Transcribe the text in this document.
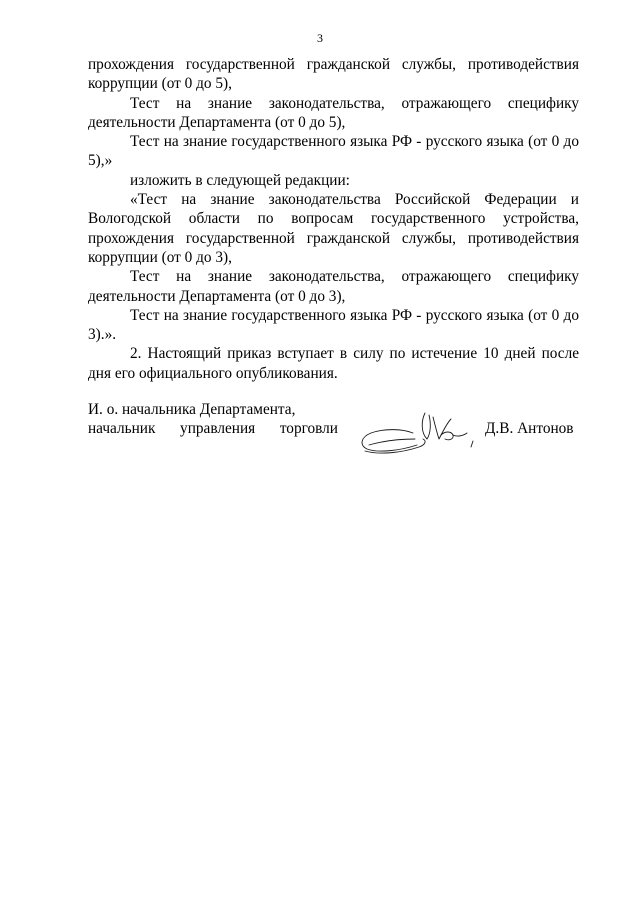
3

прохождения государственной гражданской службы, противодействия коррупции (от 0 до 5),

Тест на знание законодательства, отражающего специфику деятельности Департамента (от 0 до 5),

Тест на знание государственного языка РФ - русского языка (от 0 до 5),»

изложить в следующей редакции:

«Тест на знание законодательства Российской Федерации и Вологодской области по вопросам государственного устройства, прохождения государственной гражданской службы, противодействия коррупции (от 0 до 3),

Тест на знание законодательства, отражающего специфику деятельности Департамента (от 0 до 3),

Тест на знание государственного языка РФ - русского языка (от 0 до 3).».

2. Настоящий приказ вступает в силу по истечение 10 дней после дня его официального опубликования.

И. о. начальника Департамента,
начальник управления торговли	Д.В. Антонов
